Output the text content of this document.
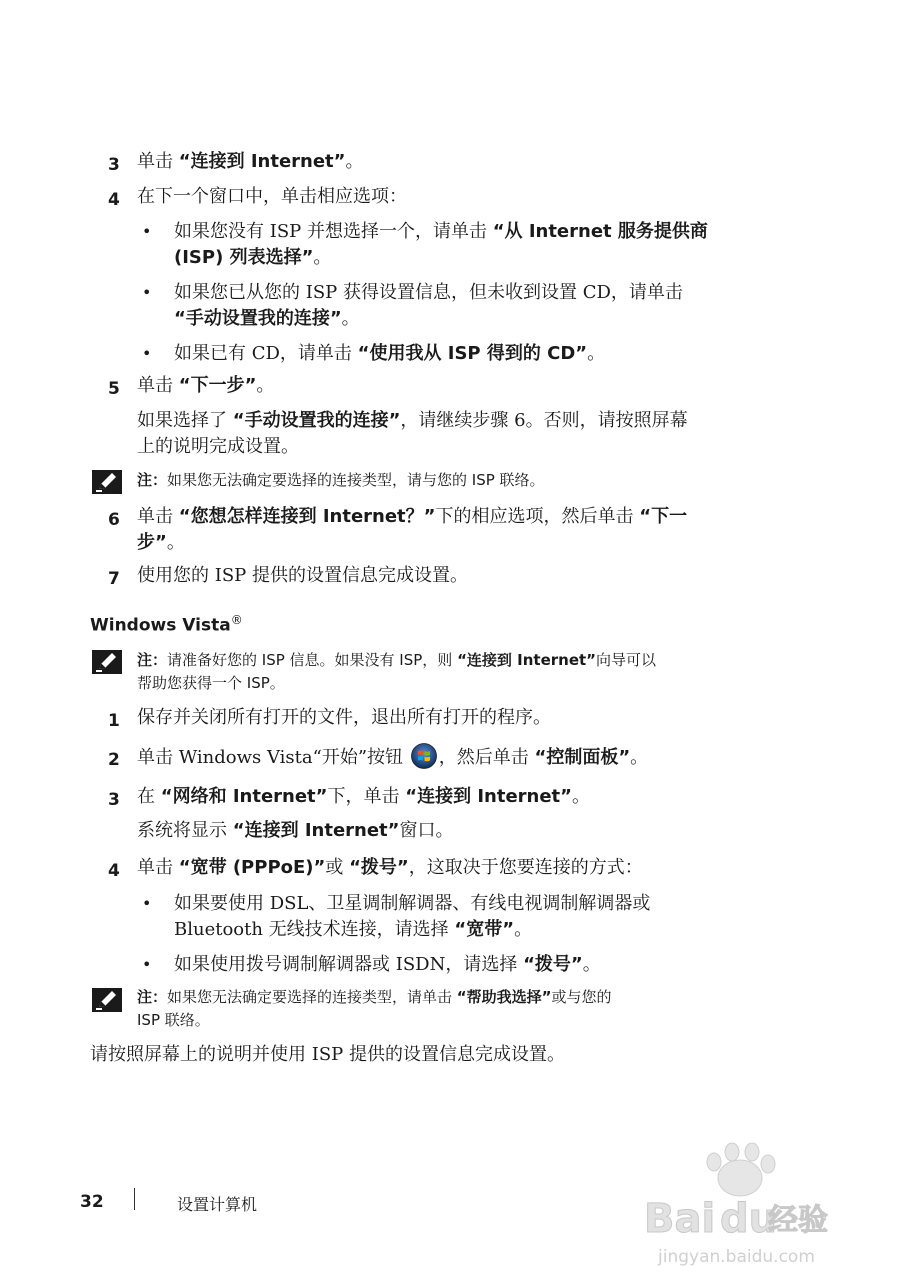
3 单击 “连接到 Internet”。
4 在下一个窗口中，单击相应选项：
• 如果您没有 ISP 并想选择一个，请单击 “从 Internet 服务提供商
(ISP) 列表选择”。
• 如果您已从您的 ISP 获得设置信息，但未收到设置 CD，请单击
“手动设置我的连接”。
• 如果已有 CD，请单击 “使用我从 ISP 得到的 CD”。
5 单击 “下一步”。
如果选择了 “手动设置我的连接”，请继续步骤 6。否则，请按照屏幕
上的说明完成设置。
注：如果您无法确定要选择的连接类型，请与您的 ISP 联络。
6 单击 “您想怎样连接到 Internet？”下的相应选项，然后单击 “下一
步”。
7 使用您的 ISP 提供的设置信息完成设置。
Windows Vista®
注：请准备好您的 ISP 信息。如果没有 ISP，则 “连接到 Internet”向导可以
帮助您获得一个 ISP。
1 保存并关闭所有打开的文件，退出所有打开的程序。
2 单击 Windows Vista“开始”按钮 ，然后单击 “控制面板”。
3 在 “网络和 Internet”下，单击 “连接到 Internet”。
系统将显示 “连接到 Internet”窗口。
4 单击 “宽带 (PPPoE)”或 “拨号”，这取决于您要连接的方式：
• 如果要使用 DSL、卫星调制解调器、有线电视调制解调器或
Bluetooth 无线技术连接，请选择 “宽带”。
• 如果使用拨号调制解调器或 ISDN，请选择 “拨号”。
注：如果您无法确定要选择的连接类型，请单击 “帮助我选择”或与您的
ISP 联络。
请按照屏幕上的说明并使用 ISP 提供的设置信息完成设置。
32	设置计算机	Bai du
经验
jingyan.baidu.com
